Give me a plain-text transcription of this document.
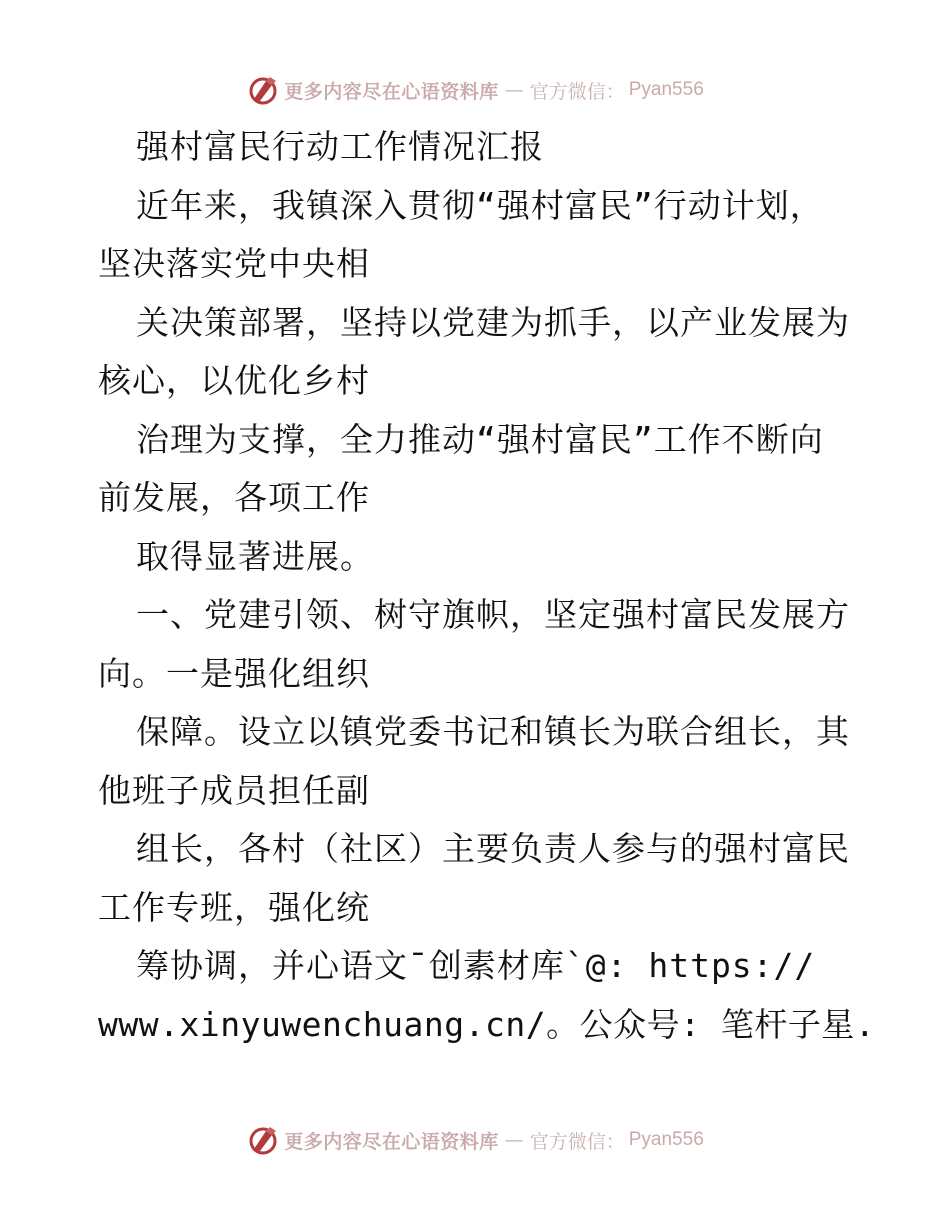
更多内容尽在心语资料库 — 官方微信： Pyan556
强村富民行动工作情况汇报
近年来，我镇深入贯彻“强村富民”行动计划，
坚决落实党中央相
关决策部署，坚持以党建为抓手，以产业发展为
核心，以优化乡村
治理为支撑，全力推动“强村富民”工作不断向
前发展，各项工作
取得显著进展。
一、党建引领、树守旗帜，坚定强村富民发展方
向。一是强化组织
保障。设立以镇党委书记和镇长为联合组长，其
他班子成员担任副
组长，各村（社区）主要负责人参与的强村富民
工作专班，强化统
筹协调，并心语文¯创素材库`@: https://
www.xinyuwenchuang.cn/。公众号: 笔杆子星.
更多内容尽在心语资料库 — 官方微信： Pyan556
